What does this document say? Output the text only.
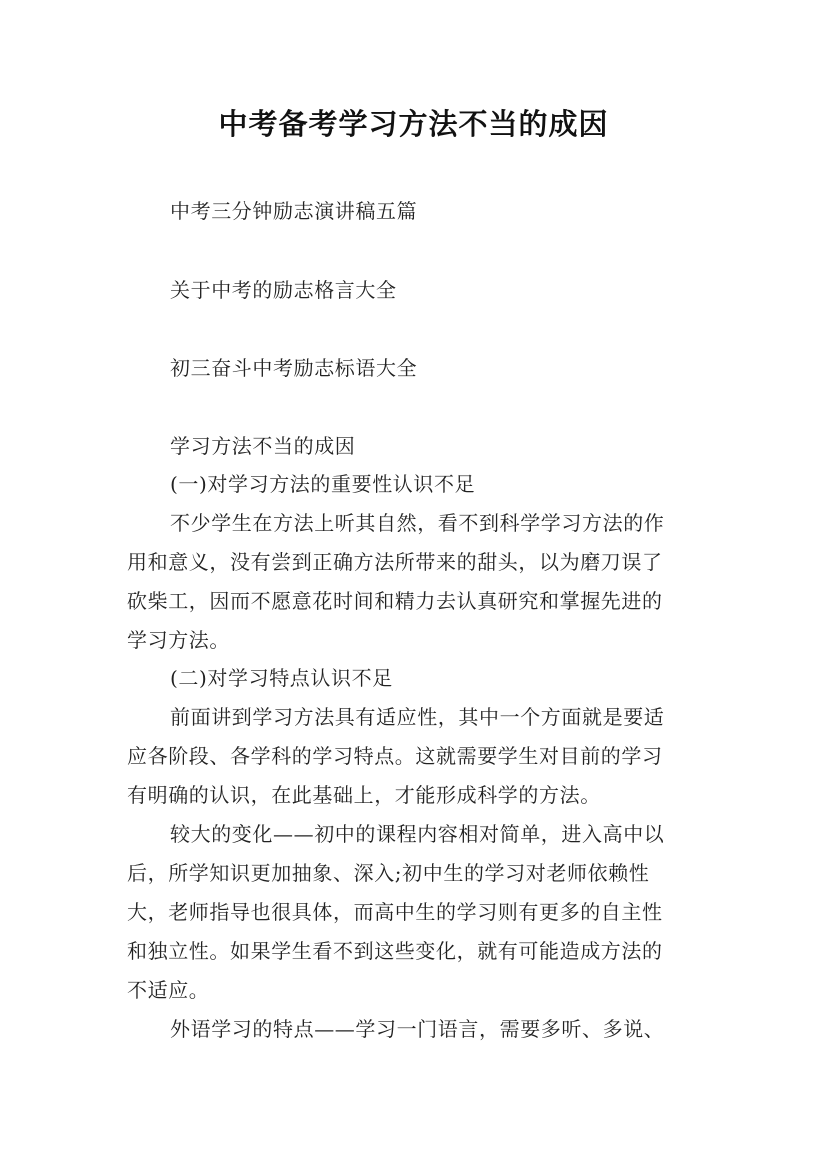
中考备考学习方法不当的成因
中考三分钟励志演讲稿五篇
关于中考的励志格言大全
初三奋斗中考励志标语大全
学习方法不当的成因
(一)对学习方法的重要性认识不足
不少学生在方法上听其自然，看不到科学学习方法的作
用和意义，没有尝到正确方法所带来的甜头，以为磨刀误了
砍柴工，因而不愿意花时间和精力去认真研究和掌握先进的
学习方法。
(二)对学习特点认识不足
前面讲到学习方法具有适应性，其中一个方面就是要适
应各阶段、各学科的学习特点。这就需要学生对目前的学习
有明确的认识，在此基础上，才能形成科学的方法。
较大的变化——初中的课程内容相对简单，进入高中以
后，所学知识更加抽象、深入;初中生的学习对老师依赖性
大，老师指导也很具体，而高中生的学习则有更多的自主性
和独立性。如果学生看不到这些变化，就有可能造成方法的
不适应。
外语学习的特点——学习一门语言，需要多听、多说、
